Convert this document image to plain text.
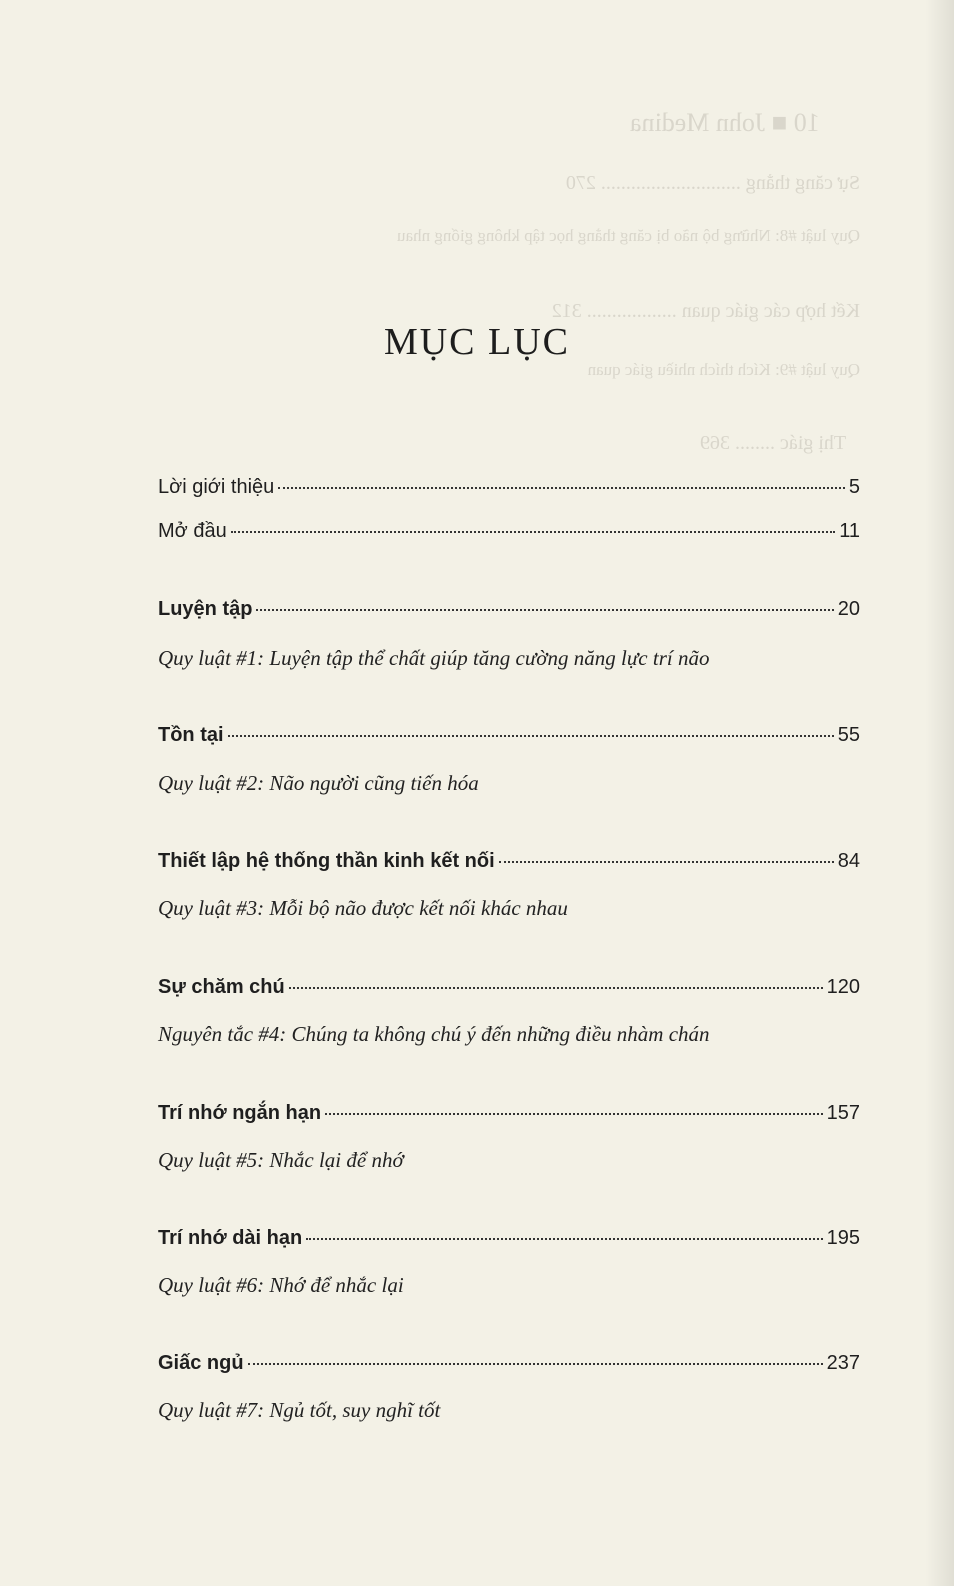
10 ■ John Medina
Sự căng thẳng ............................ 270
Quy luật #8: Những bộ não bị căng thẳng học tập không giống nhau
Kết hợp các giác quan .................. 312
Quy luật #9: Kích thích nhiều giác quan
Thị giác ........ 369
MỤC LỤC
Lời giới thiệu	5
Mở đầu	11
Luyện tập	20
Quy luật #1: Luyện tập thể chất giúp tăng cường năng lực trí não
Tồn tại	55
Quy luật #2: Não người cũng tiến hóa
Thiết lập hệ thống thần kinh kết nối	84
Quy luật #3: Mỗi bộ não được kết nối khác nhau
Sự chăm chú	120
Nguyên tắc #4: Chúng ta không chú ý đến những điều nhàm chán
Trí nhớ ngắn hạn	157
Quy luật #5: Nhắc lại để nhớ
Trí nhớ dài hạn	195
Quy luật #6: Nhớ để nhắc lại
Giấc ngủ	237
Quy luật #7: Ngủ tốt, suy nghĩ tốt
